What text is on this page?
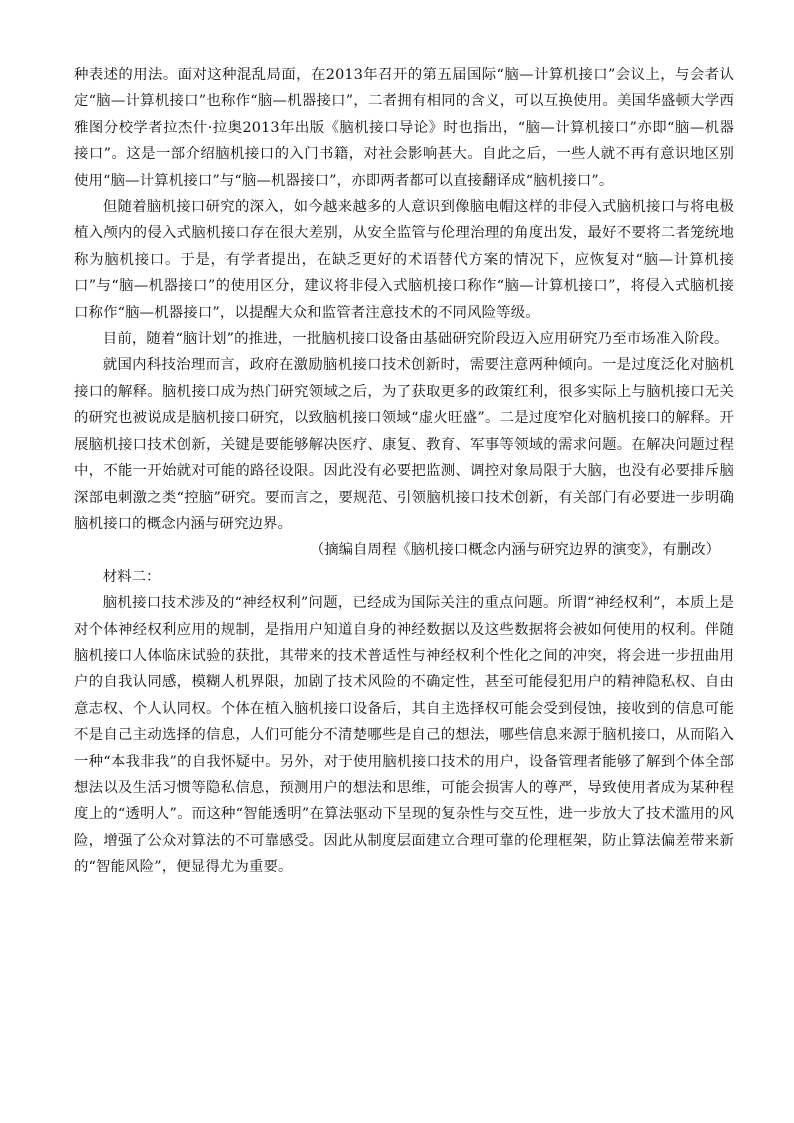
种表述的用法。面对这种混乱局面，在2013年召开的第五届国际“脑—计算机接口”会议上，与会者认定“脑—计算机接口”也称作“脑—机器接口”，二者拥有相同的含义，可以互换使用。美国华盛顿大学西雅图分校学者拉杰什·拉奥2013年出版《脑机接口导论》时也指出，“脑—计算机接口”亦即“脑—机器接口”。这是一部介绍脑机接口的入门书籍，对社会影响甚大。自此之后，一些人就不再有意识地区别使用“脑—计算机接口”与“脑—机器接口”，亦即两者都可以直接翻译成“脑机接口”。

但随着脑机接口研究的深入，如今越来越多的人意识到像脑电帽这样的非侵入式脑机接口与将电极植入颅内的侵入式脑机接口存在很大差别，从安全监管与伦理治理的角度出发，最好不要将二者笼统地称为脑机接口。于是，有学者提出，在缺乏更好的术语替代方案的情况下，应恢复对“脑—计算机接口”与“脑—机器接口”的使用区分，建议将非侵入式脑机接口称作“脑—计算机接口”，将侵入式脑机接口称作“脑—机器接口”，以提醒大众和监管者注意技术的不同风险等级。

目前，随着“脑计划”的推进，一批脑机接口设备由基础研究阶段迈入应用研究乃至市场准入阶段。

就国内科技治理而言，政府在激励脑机接口技术创新时，需要注意两种倾向。一是过度泛化对脑机接口的解释。脑机接口成为热门研究领域之后，为了获取更多的政策红利，很多实际上与脑机接口无关的研究也被说成是脑机接口研究，以致脑机接口领域“虚火旺盛”。二是过度窄化对脑机接口的解释。开展脑机接口技术创新，关键是要能够解决医疗、康复、教育、军事等领域的需求问题。在解决问题过程中，不能一开始就对可能的路径设限。因此没有必要把监测、调控对象局限于大脑，也没有必要排斥脑深部电刺激之类“控脑”研究。要而言之，要规范、引领脑机接口技术创新，有关部门有必要进一步明确脑机接口的概念内涵与研究边界。

（摘编自周程《脑机接口概念内涵与研究边界的演变》，有删改）

材料二：

脑机接口技术涉及的“神经权利”问题，已经成为国际关注的重点问题。所谓“神经权利”，本质上是对个体神经权利应用的规制，是指用户知道自身的神经数据以及这些数据将会被如何使用的权利。伴随脑机接口人体临床试验的获批，其带来的技术普适性与神经权利个性化之间的冲突，将会进一步扭曲用户的自我认同感，模糊人机界限，加剧了技术风险的不确定性，甚至可能侵犯用户的精神隐私权、自由意志权、个人认同权。个体在植入脑机接口设备后，其自主选择权可能会受到侵蚀，接收到的信息可能不是自己主动选择的信息，人们可能分不清楚哪些是自己的想法，哪些信息来源于脑机接口，从而陷入一种“本我非我”的自我怀疑中。另外，对于使用脑机接口技术的用户，设备管理者能够了解到个体全部想法以及生活习惯等隐私信息，预测用户的想法和思维，可能会损害人的尊严，导致使用者成为某种程度上的“透明人”。而这种“智能透明”在算法驱动下呈现的复杂性与交互性，进一步放大了技术滥用的风险，增强了公众对算法的不可靠感受。因此从制度层面建立合理可靠的伦理框架，防止算法偏差带来新的“智能风险”，便显得尤为重要。
